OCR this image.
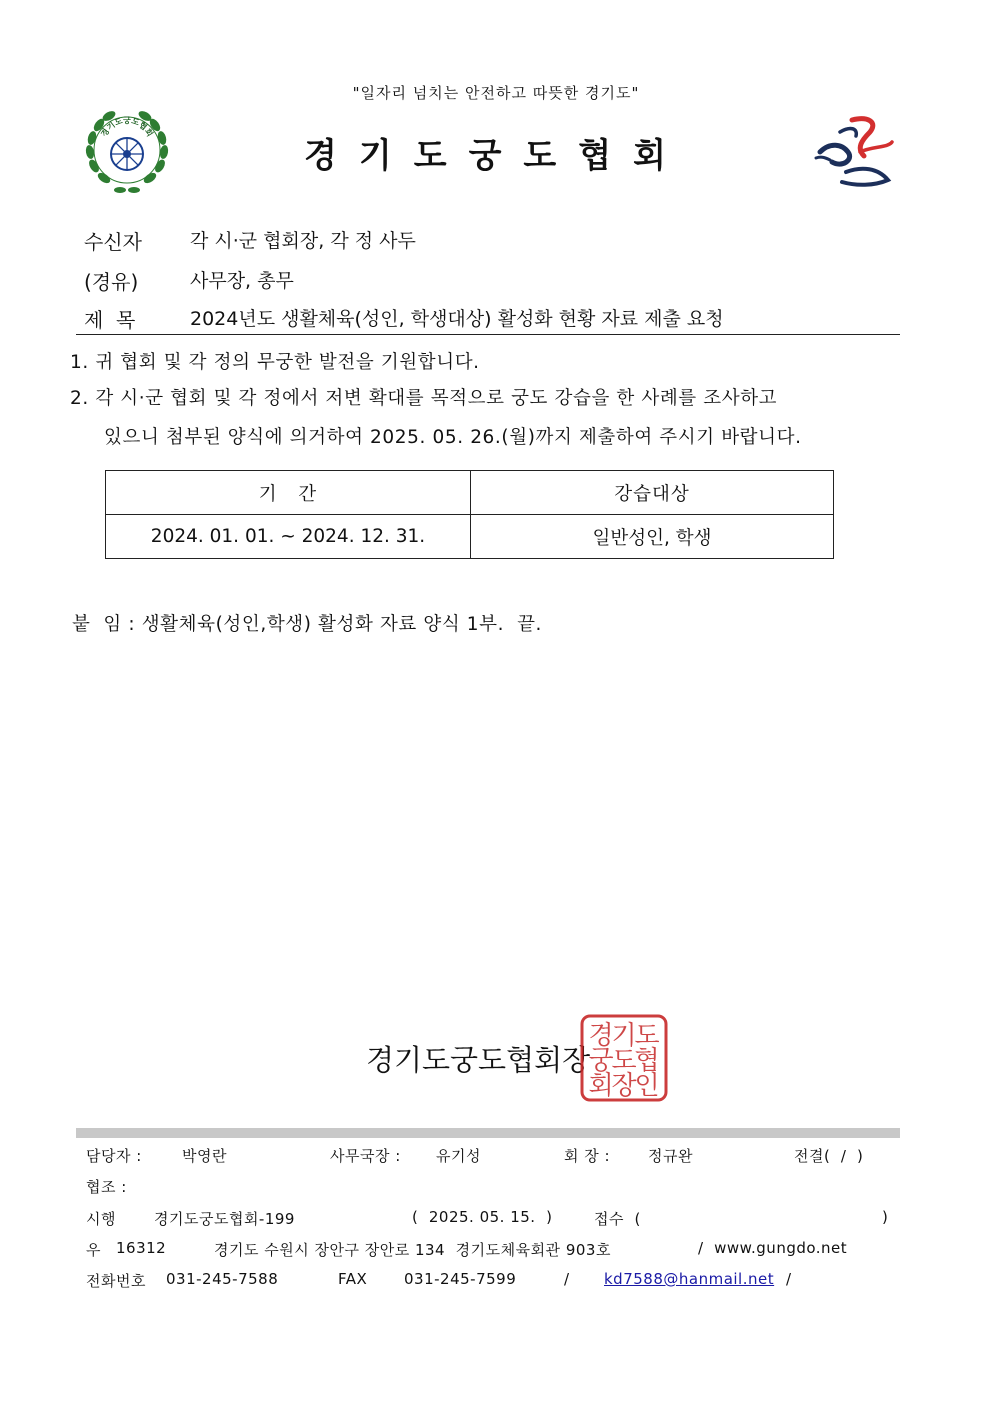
"일자리 넘치는 안전하고 따뜻한 경기도"
경기도궁도협회
경기도궁도협회
수신자	각 시·군 협회장, 각 정 사두
(경유)	사무장, 총무
제  목	2024년도 생활체육(성인, 학생대상) 활성화 현황 자료 제출 요청
1. 귀 협회 및 각 정의 무궁한 발전을 기원합니다.
2. 각 시·군 협회 및 각 정에서 저변 확대를 목적으로 궁도 강습을 한 사례를 조사하고
있으니 첨부된 양식에 의거하여 2025. 05. 26.(월)까지 제출하여 주시기 바랍니다.
기   간	강습대상
2024. 01. 01. ~ 2024. 12. 31.	일반성인, 학생
붙  임 : 생활체육(성인,학생) 활성화 자료 양식 1부.  끝.
경기도궁도협회장
경
기
도
궁
도
협
회
장
인
담당자 :	박영란	사무국장 : 유기성	회 장 :	정규완	전결(  /  )
협조 :
시행	경기도궁도협회-199	(  2025. 05. 15.  )	접수  (	)
우 16312	경기도 수원시 장안구 장안로 134  경기도체육회관 903호	/  www.gungdo.net
전화번호 031-245-7588	FAX 031-245-7599	/ kd7588@hanmail.net /
